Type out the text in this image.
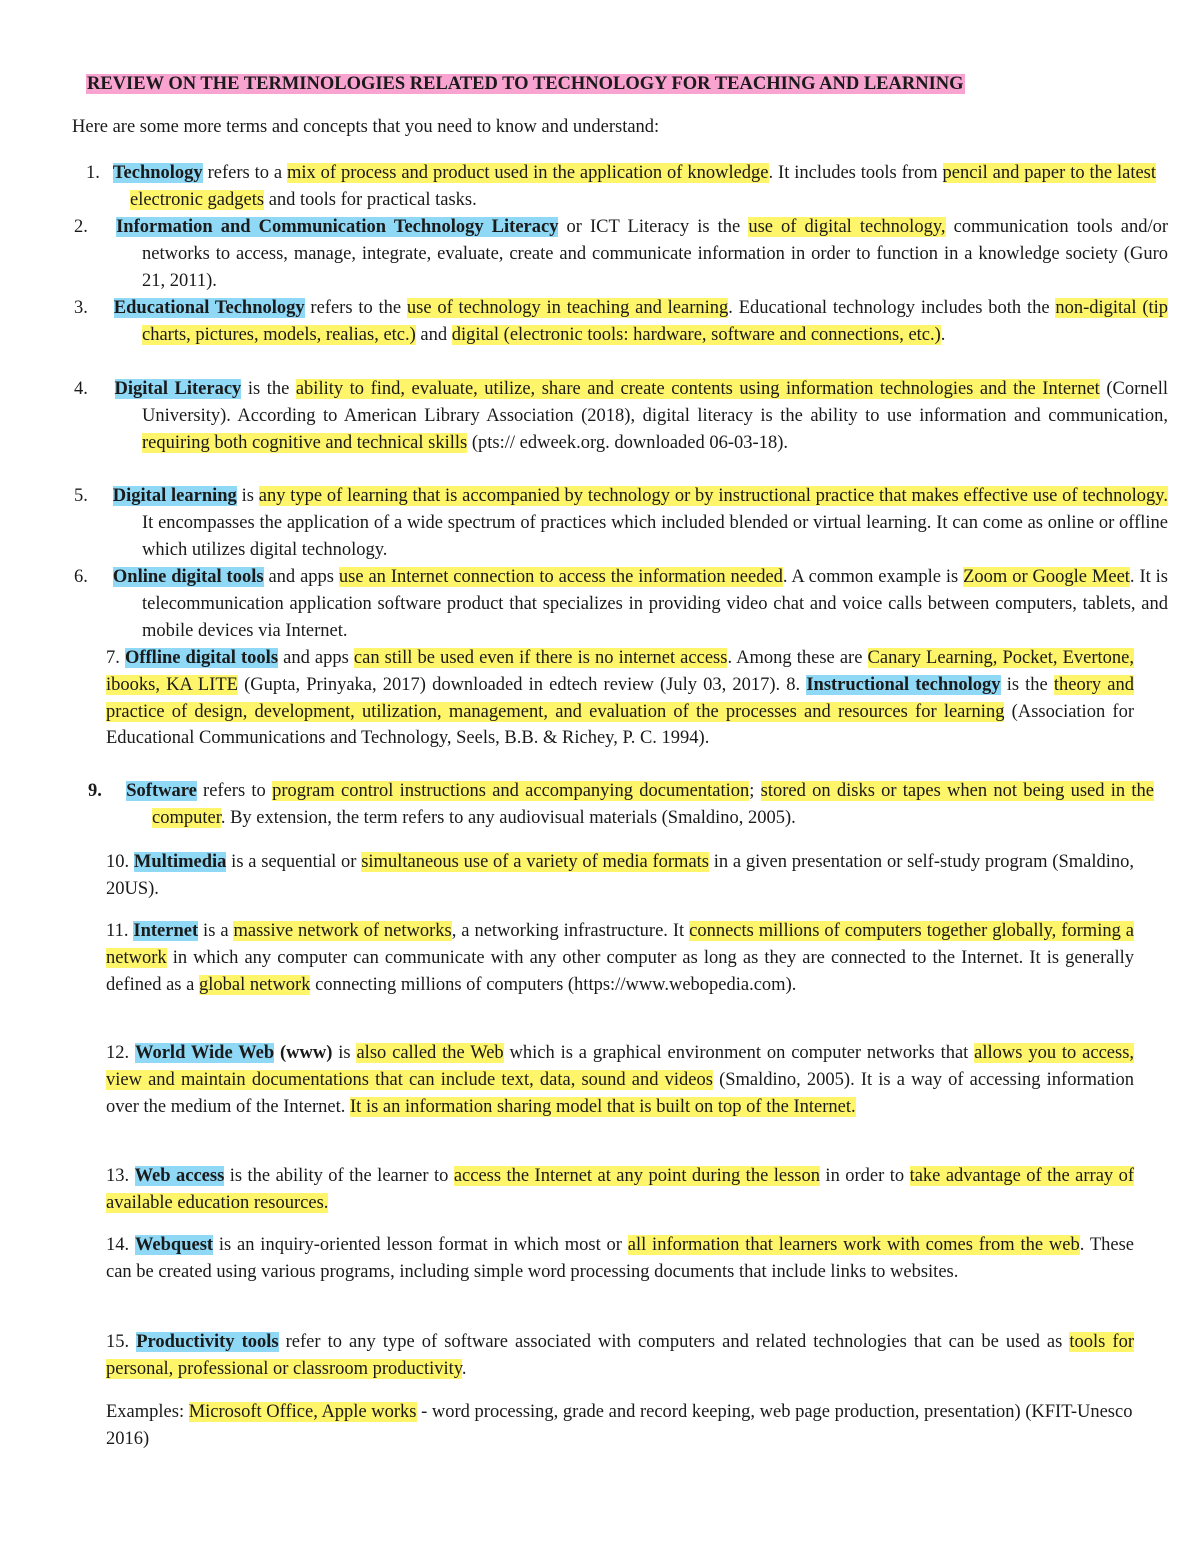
REVIEW ON THE TERMINOLOGIES RELATED TO TECHNOLOGY FOR TEACHING AND LEARNING
Here are some more terms and concepts that you need to know and understand:

1. Technology refers to a mix of process and product used in the application of knowledge. It includes tools from pencil and paper to the latest electronic gadgets and tools for practical tasks.

2. Information and Communication Technology Literacy or ICT Literacy is the use of digital technology, communication tools and/or networks to access, manage, integrate, evaluate, create and communicate information in order to function in a knowledge society (Guro 21, 2011).

3. Educational Technology refers to the use of technology in teaching and learning. Educational technology includes both the non-digital (tip charts, pictures, models, realias, etc.) and digital (electronic tools: hardware, software and connections, etc.).

4. Digital Literacy is the ability to find, evaluate, utilize, share and create contents using information technologies and the Internet (Cornell University). According to American Library Association (2018), digital literacy is the ability to use information and communication, requiring both cognitive and technical skills (pts:// edweek.org. downloaded 06-03-18).

5. Digital learning is any type of learning that is accompanied by technology or by instructional practice that makes effective use of technology. It encompasses the application of a wide spectrum of practices which included blended or virtual learning. It can come as online or offline which utilizes digital technology.

6. Online digital tools and apps use an Internet connection to access the information needed. A common example is Zoom or Google Meet. It is telecommunication application software product that specializes in providing video chat and voice calls between computers, tablets, and mobile devices via Internet.

7. Offline digital tools and apps can still be used even if there is no internet access. Among these are Canary Learning, Pocket, Evertone, ibooks, KA LITE (Gupta, Prinyaka, 2017) downloaded in edtech review (July 03, 2017). 8. Instructional technology is the theory and practice of design, development, utilization, management, and evaluation of the processes and resources for learning (Association for Educational Communications and Technology, Seels, B.B. & Richey, P. C. 1994).

9. Software refers to program control instructions and accompanying documentation; stored on disks or tapes when not being used in the computer. By extension, the term refers to any audiovisual materials (Smaldino, 2005).

10. Multimedia is a sequential or simultaneous use of a variety of media formats in a given presentation or self-study program (Smaldino, 20US).

11. Internet is a massive network of networks, a networking infrastructure. It connects millions of computers together globally, forming a network in which any computer can communicate with any other computer as long as they are connected to the Internet. It is generally defined as a global network connecting millions of computers (https://www.webopedia.com).

12. World Wide Web (www) is also called the Web which is a graphical environment on computer networks that allows you to access, view and maintain documentations that can include text, data, sound and videos (Smaldino, 2005). It is a way of accessing information over the medium of the Internet. It is an information sharing model that is built on top of the Internet.

13. Web access is the ability of the learner to access the Internet at any point during the lesson in order to take advantage of the array of available education resources.

14. Webquest is an inquiry-oriented lesson format in which most or all information that learners work with comes from the web. These can be created using various programs, including simple word processing documents that include links to websites.

15. Productivity tools refer to any type of software associated with computers and related technologies that can be used as tools for personal, professional or classroom productivity.

Examples: Microsoft Office, Apple works - word processing, grade and record keeping, web page production, presentation) (KFIT-Unesco 2016)
